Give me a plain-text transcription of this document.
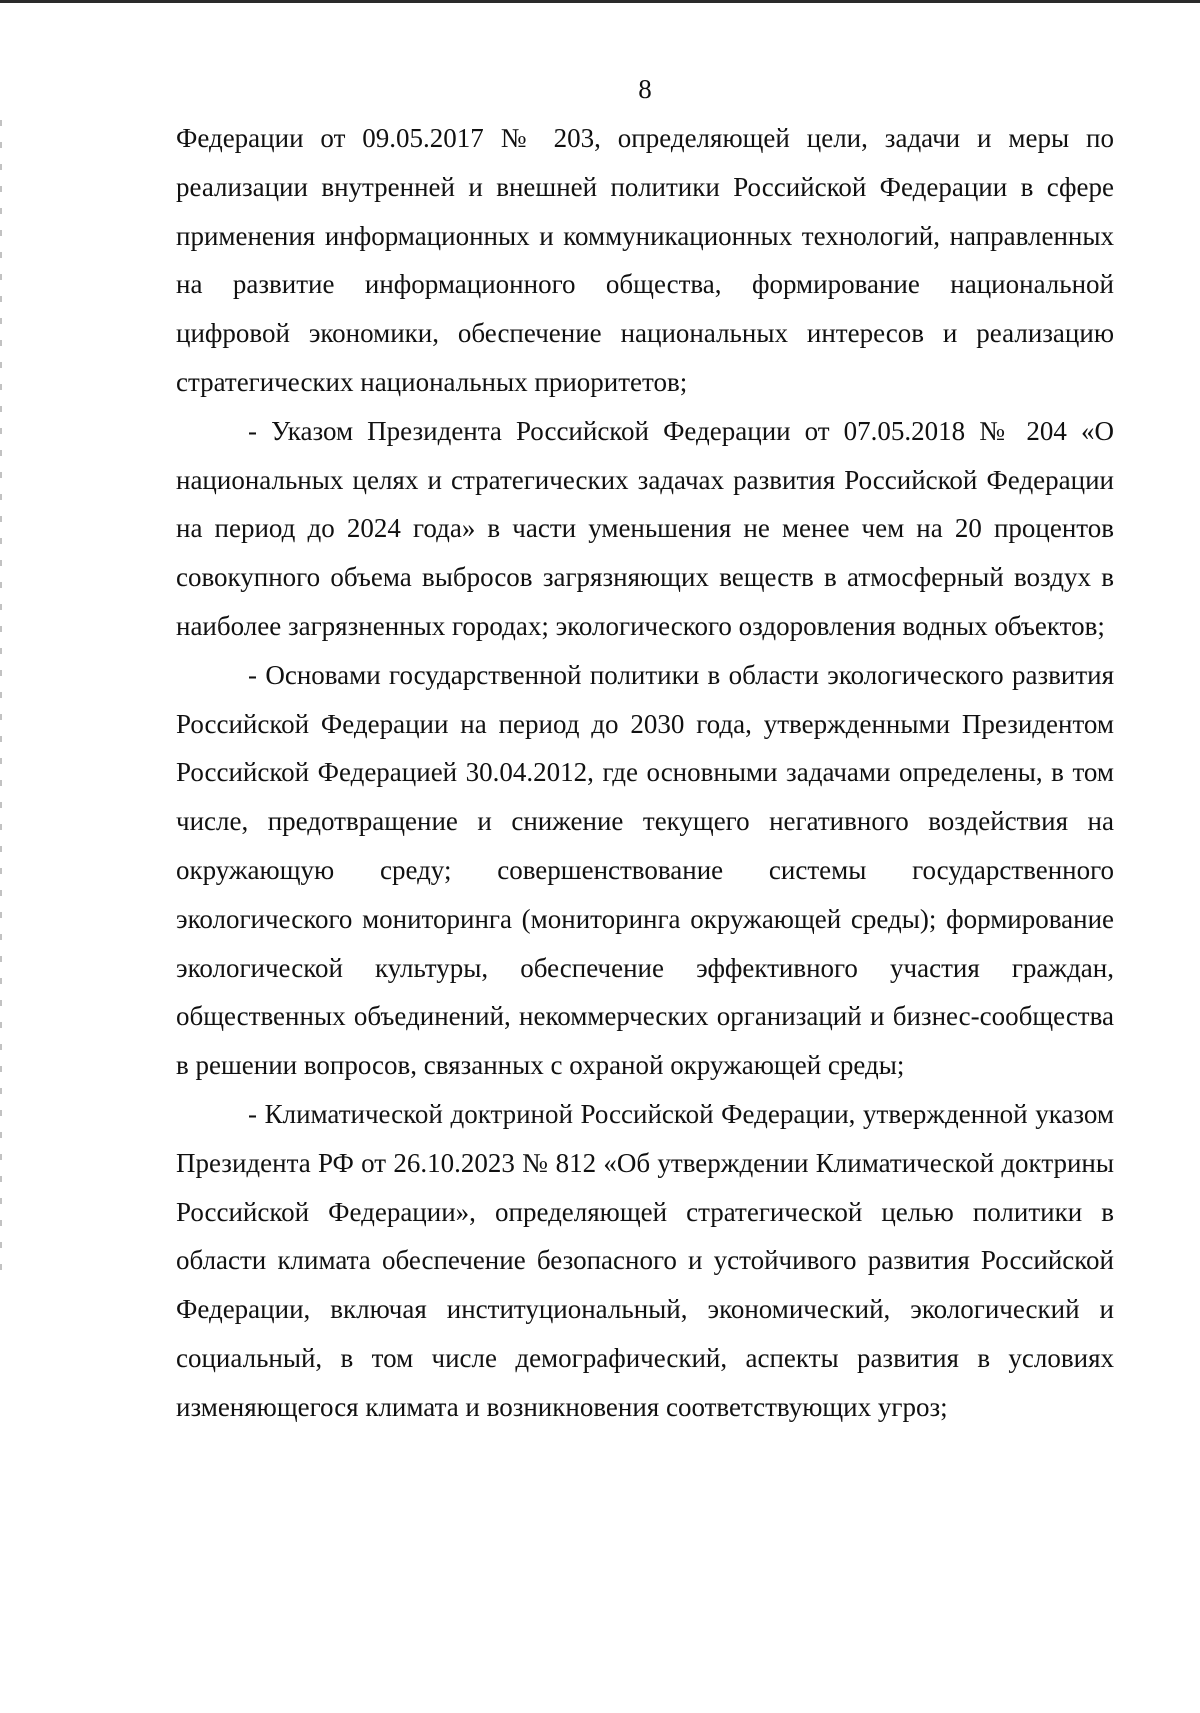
8

Федерации от 09.05.2017 № 203, определяющей цели, задачи и меры по реализации внутренней и внешней политики Российской Федерации в сфере применения информационных и коммуникационных технологий, направленных на развитие информационного общества, формирование национальной цифровой экономики, обеспечение национальных интересов и реализацию стратегических национальных приоритетов;

- Указом Президента Российской Федерации от 07.05.2018 № 204 «О национальных целях и стратегических задачах развития Российской Федерации на период до 2024 года» в части уменьшения не менее чем на 20 процентов совокупного объема выбросов загрязняющих веществ в атмосферный воздух в наиболее загрязненных городах; экологического оздоровления водных объектов;

- Основами государственной политики в области экологического развития Российской Федерации на период до 2030 года, утвержденными Президентом Российской Федерацией 30.04.2012, где основными задачами определены, в том числе, предотвращение и снижение текущего негативного воздействия на окружающую среду; совершенствование системы государственного экологического мониторинга (мониторинга окружающей среды); формирование экологической культуры, обеспечение эффективного участия граждан, общественных объединений, некоммерческих организаций и бизнес-сообщества в решении вопросов, связанных с охраной окружающей среды;

- Климатической доктриной Российской Федерации, утвержденной указом Президента РФ от 26.10.2023 № 812 «Об утверждении Климатической доктрины Российской Федерации», определяющей стратегической целью политики в области климата обеспечение безопасного и устойчивого развития Российской Федерации, включая институциональный, экономический, экологический и социальный, в том числе демографический, аспекты развития в условиях изменяющегося климата и возникновения соответствующих угроз;
